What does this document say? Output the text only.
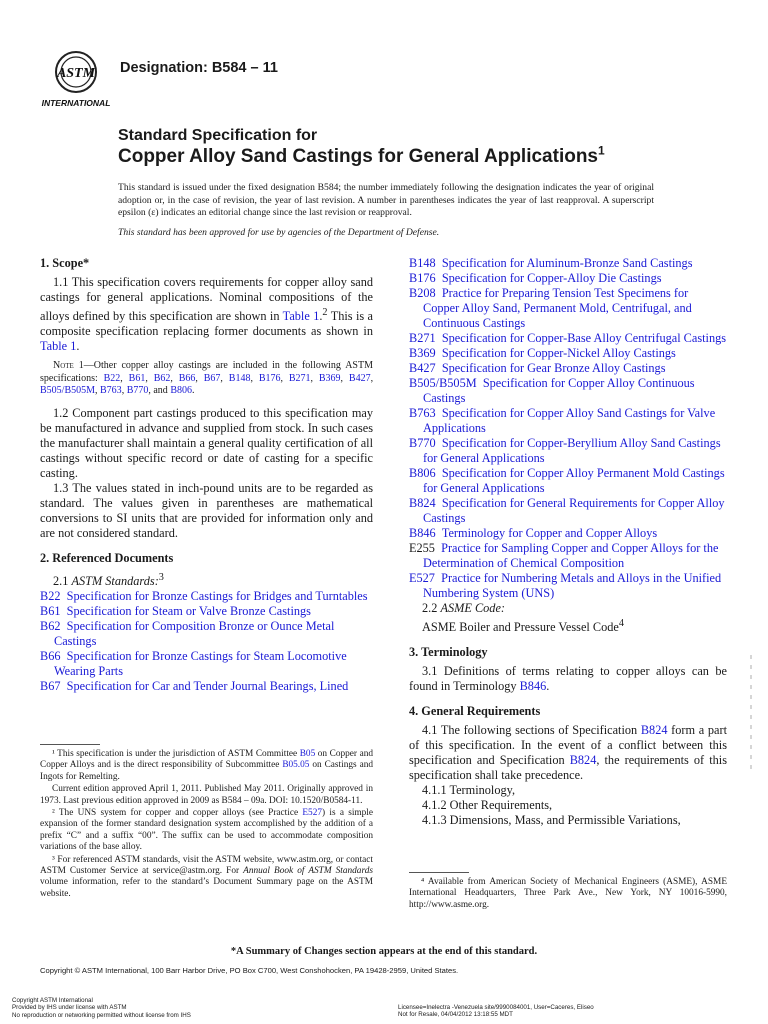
ASTM
INTERNATIONAL
Designation: B584 – 11
Standard Specification for
Copper Alloy Sand Castings for General Applications$^1$
This standard is issued under the fixed designation B584; the number immediately following the designation indicates the year of original adoption or, in the case of revision, the year of last revision. A number in parentheses indicates the year of last reapproval. A superscript epsilon (ε) indicates an editorial change since the last revision or reapproval.
This standard has been approved for use by agencies of the Department of Defense.
1. Scope*

1.1 This specification covers requirements for copper alloy sand castings for general applications. Nominal compositions of the alloys defined by this specification are shown in Table 1.$^2$ This is a composite specification replacing former documents as shown in Table 1.

Note 1—Other copper alloy castings are included in the following ASTM specifications: B22, B61, B62, B66, B67, B148, B176, B271, B369, B427, B505/B505M, B763, B770, and B806.

1.2 Component part castings produced to this specification may be manufactured in advance and supplied from stock. In such cases the manufacturer shall maintain a general quality certification of all castings without specific record or date of casting for a specific casting.

1.3 The values stated in inch-pound units are to be regarded as standard. The values given in parentheses are mathematical conversions to SI units that are provided for information only and are not considered standard.

2. Referenced Documents

2.1 ASTM Standards:$^3$

B22  Specification for Bronze Castings for Bridges and Turntables

B61  Specification for Steam or Valve Bronze Castings

B62  Specification for Composition Bronze or Ounce Metal Castings

B66  Specification for Bronze Castings for Steam Locomotive Wearing Parts

B67  Specification for Car and Tender Journal Bearings, Lined

B148  Specification for Aluminum-Bronze Sand Castings

B176  Specification for Copper-Alloy Die Castings

B208  Practice for Preparing Tension Test Specimens for Copper Alloy Sand, Permanent Mold, Centrifugal, and Continuous Castings

B271  Specification for Copper-Base Alloy Centrifugal Castings

B369  Specification for Copper-Nickel Alloy Castings

B427  Specification for Gear Bronze Alloy Castings

B505/B505M  Specification for Copper Alloy Continuous Castings

B763  Specification for Copper Alloy Sand Castings for Valve Applications

B770  Specification for Copper-Beryllium Alloy Sand Castings for General Applications

B806  Specification for Copper Alloy Permanent Mold Castings for General Applications

B824  Specification for General Requirements for Copper Alloy Castings

B846  Terminology for Copper and Copper Alloys

E255  Practice for Sampling Copper and Copper Alloys for the Determination of Chemical Composition

E527  Practice for Numbering Metals and Alloys in the Unified Numbering System (UNS)

2.2 ASME Code:

ASME Boiler and Pressure Vessel Code$^4$

3. Terminology

3.1 Definitions of terms relating to copper alloys can be found in Terminology B846.

4. General Requirements

4.1 The following sections of Specification B824 form a part of this specification. In the event of a conflict between this specification and Specification B824, the requirements of this specification shall take precedence.

4.1.1 Terminology,

4.1.2 Other Requirements,

4.1.3 Dimensions, Mass, and Permissible Variations,

¹ This specification is under the jurisdiction of ASTM Committee B05 on Copper and Copper Alloys and is the direct responsibility of Subcommittee B05.05 on Castings and Ingots for Remelting.

Current edition approved April 1, 2011. Published May 2011. Originally approved in 1973. Last previous edition approved in 2009 as B584 – 09a. DOI: 10.1520/B0584-11.

² The UNS system for copper and copper alloys (see Practice E527) is a simple expansion of the former standard designation system accomplished by the addition of a prefix “C” and a suffix “00”. The suffix can be used to accommodate composition variations of the base alloy.

³ For referenced ASTM standards, visit the ASTM website, www.astm.org, or contact ASTM Customer Service at service@astm.org. For Annual Book of ASTM Standards volume information, refer to the standard’s Document Summary page on the ASTM website.

⁴ Available from American Society of Mechanical Engineers (ASME), ASME International Headquarters, Three Park Ave., New York, NY 10016-5990, http://www.asme.org.

*A Summary of Changes section appears at the end of this standard.
Copyright © ASTM International, 100 Barr Harbor Drive, PO Box C700, West Conshohocken, PA 19428-2959, United States.
Copyright ASTM International
Provided by IHS under license with ASTM
No reproduction or networking permitted without license from IHS
Licensee=Inelectra -Venezuela site/9990084001, User=Caceres, Eliseo
Not for Resale, 04/04/2012 13:18:55 MDT
